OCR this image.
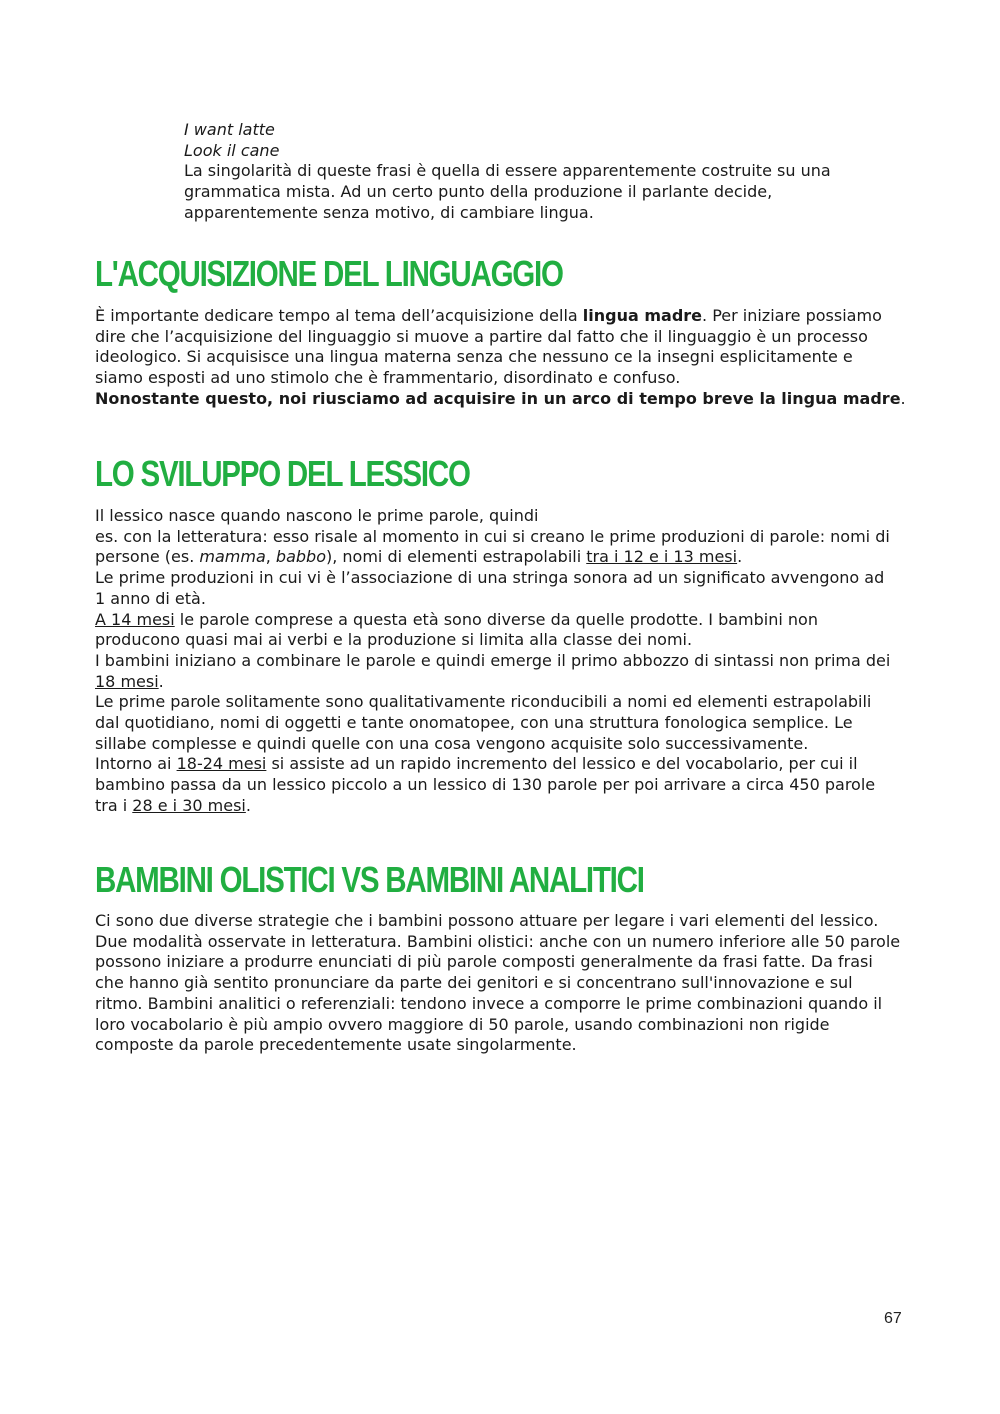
I want latte
Look il cane
La singolarità di queste frasi è quella di essere apparentemente costruite su una
grammatica mista. Ad un certo punto della produzione il parlante decide,
apparentemente senza motivo, di cambiare lingua.
L'ACQUISIZIONE DEL LINGUAGGIO
È importante dedicare tempo al tema dell’acquisizione della lingua madre. Per iniziare possiamo
dire che l’acquisizione del linguaggio si muove a partire dal fatto che il linguaggio è un processo
ideologico. Si acquisisce una lingua materna senza che nessuno ce la insegni esplicitamente e
siamo esposti ad uno stimolo che è frammentario, disordinato e confuso.
Nonostante questo, noi riusciamo ad acquisire in un arco di tempo breve la lingua madre.
LO SVILUPPO DEL LESSICO
Il lessico nasce quando nascono le prime parole, quindi
es. con la letteratura: esso risale al momento in cui si creano le prime produzioni di parole: nomi di
persone (es. mamma, babbo), nomi di elementi estrapolabili tra i 12 e i 13 mesi.
Le prime produzioni in cui vi è l’associazione di una stringa sonora ad un significato avvengono ad
1 anno di età.
A 14 mesi le parole comprese a questa età sono diverse da quelle prodotte. I bambini non
producono quasi mai ai verbi e la produzione si limita alla classe dei nomi.
I bambini iniziano a combinare le parole e quindi emerge il primo abbozzo di sintassi non prima dei
18 mesi.
Le prime parole solitamente sono qualitativamente riconducibili a nomi ed elementi estrapolabili
dal quotidiano, nomi di oggetti e tante onomatopee, con una struttura fonologica semplice. Le
sillabe complesse e quindi quelle con una cosa vengono acquisite solo successivamente.
Intorno ai 18-24 mesi si assiste ad un rapido incremento del lessico e del vocabolario, per cui il
bambino passa da un lessico piccolo a un lessico di 130 parole per poi arrivare a circa 450 parole
tra i 28 e i 30 mesi.
BAMBINI OLISTICI VS BAMBINI ANALITICI
Ci sono due diverse strategie che i bambini possono attuare per legare i vari elementi del lessico.
Due modalità osservate in letteratura. Bambini olistici: anche con un numero inferiore alle 50 parole
possono iniziare a produrre enunciati di più parole composti generalmente da frasi fatte. Da frasi
che hanno già sentito pronunciare da parte dei genitori e si concentrano sull'innovazione e sul
ritmo. Bambini analitici o referenziali: tendono invece a comporre le prime combinazioni quando il
loro vocabolario è più ampio ovvero maggiore di 50 parole, usando combinazioni non rigide
composte da parole precedentemente usate singolarmente.
67
